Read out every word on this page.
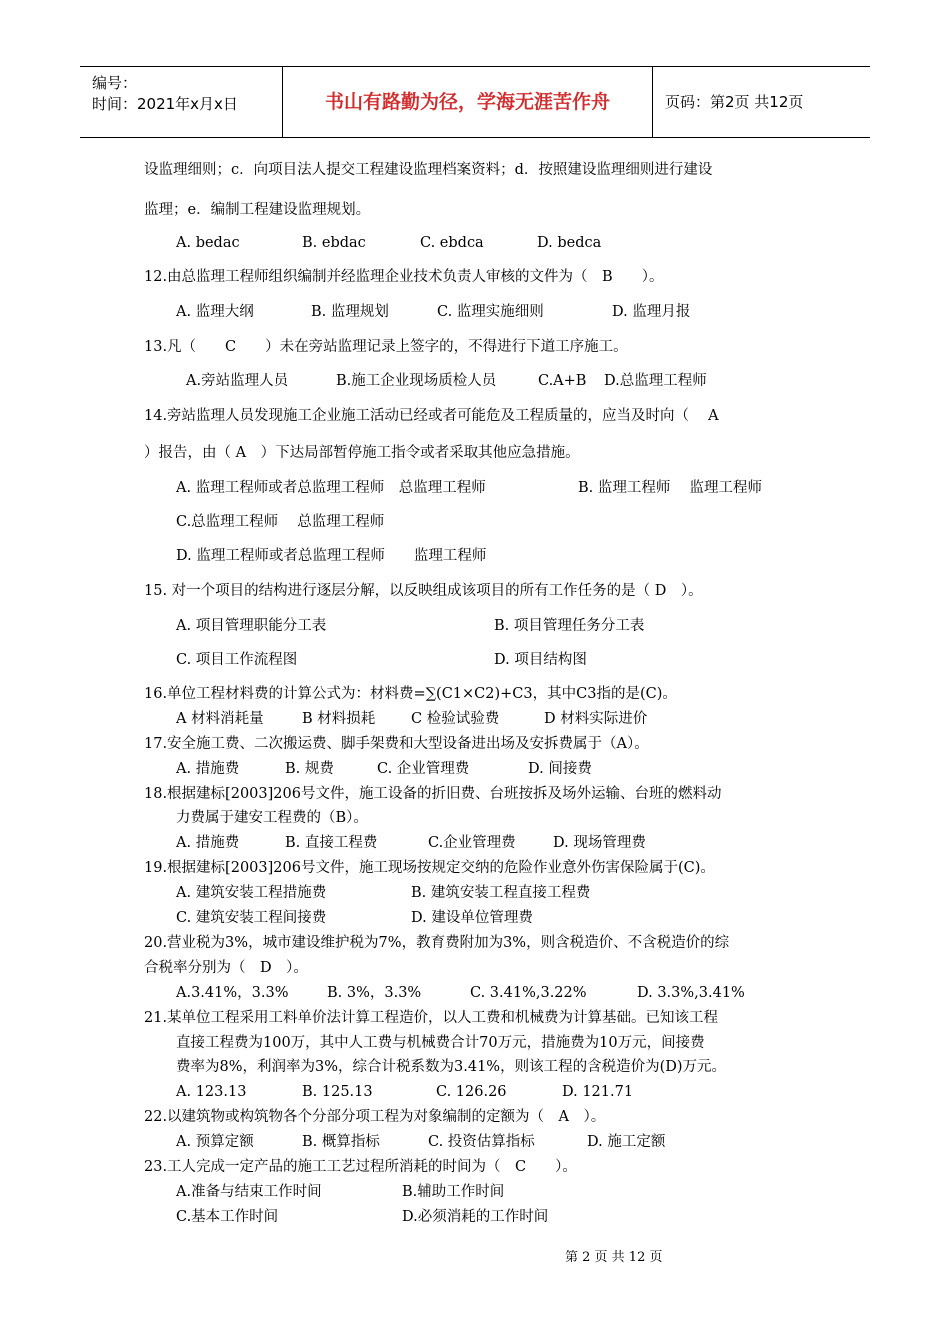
编号：
时间：2021年x月x日	书山有路勤为径，学海无涯苦作舟	页码：第2页 共12页
设监理细则；c．向项目法人提交工程建设监理档案资料；d．按照建设监理细则进行建设
监理；e．编制工程建设监理规划。
A. bedac	B. ebdac	C. ebdca	D. bedca
12.由总监理工程师组织编制并经监理企业技术负责人审核的文件为（　B　　）。
A. 监理大纲	B. 监理规划	C. 监理实施细则	D. 监理月报
13.凡（　　C　　）未在旁站监理记录上签字的，不得进行下道工序施工。
A.旁站监理人员	B.施工企业现场质检人员	C.A+B D.总监理工程师
14.旁站监理人员发现施工企业施工活动已经或者可能危及工程质量的，应当及时向（　 A
）报告，由（ A　）下达局部暂停施工指令或者采取其他应急措施。
A. 监理工程师或者总监理工程师　总监理工程师	B. 监理工程师　 监理工程师
C.总监理工程师　 总监理工程师
D. 监理工程师或者总监理工程师　　监理工程师
15. 对一个项目的结构进行逐层分解，以反映组成该项目的所有工作任务的是（ D　）。
A. 项目管理职能分工表	B. 项目管理任务分工表
C. 项目工作流程图	D. 项目结构图
16.单位工程材料费的计算公式为：材料费=∑(C1×C2)+C3，其中C3指的是(C)。
A 材料消耗量	B 材料损耗 C 检验试验费	D 材料实际进价
17.安全施工费、二次搬运费、脚手架费和大型设备进出场及安拆费属于（A）。
A. 措施费	B. 规费	C. 企业管理费	D. 间接费
18.根据建标[2003]206号文件，施工设备的折旧费、台班按拆及场外运输、台班的燃料动
力费属于建安工程费的（B）。
A. 措施费	B. 直接工程费	C.企业管理费	D. 现场管理费
19.根据建标[2003]206号文件，施工现场按规定交纳的危险作业意外伤害保险属于(C)。
A. 建筑安装工程措施费	B. 建筑安装工程直接工程费
C. 建筑安装工程间接费	D. 建设单位管理费
20.营业税为3%，城市建设维护税为7%，教育费附加为3%，则含税造价、不含税造价的综
合税率分别为（　D　）。
A.3.41%，3.3%	B. 3%，3.3%	C. 3.41%,3.22%	D. 3.3%,3.41%
21.某单位工程采用工料单价法计算工程造价，以人工费和机械费为计算基础。已知该工程
直接工程费为100万，其中人工费与机械费合计70万元，措施费为10万元，间接费
费率为8%，利润率为3%，综合计税系数为3.41%，则该工程的含税造价为(D)万元。
A. 123.13	B. 125.13	C. 126.26	D. 121.71
22.以建筑物或构筑物各个分部分项工程为对象编制的定额为（　A　）。
A. 预算定额	B. 概算指标	C. 投资估算指标	D. 施工定额
23.工人完成一定产品的施工工艺过程所消耗的时间为（　C　　）。
A.准备与结束工作时间	B.辅助工作时间
C.基本工作时间	D.必须消耗的工作时间
第 2 页 共 12 页
